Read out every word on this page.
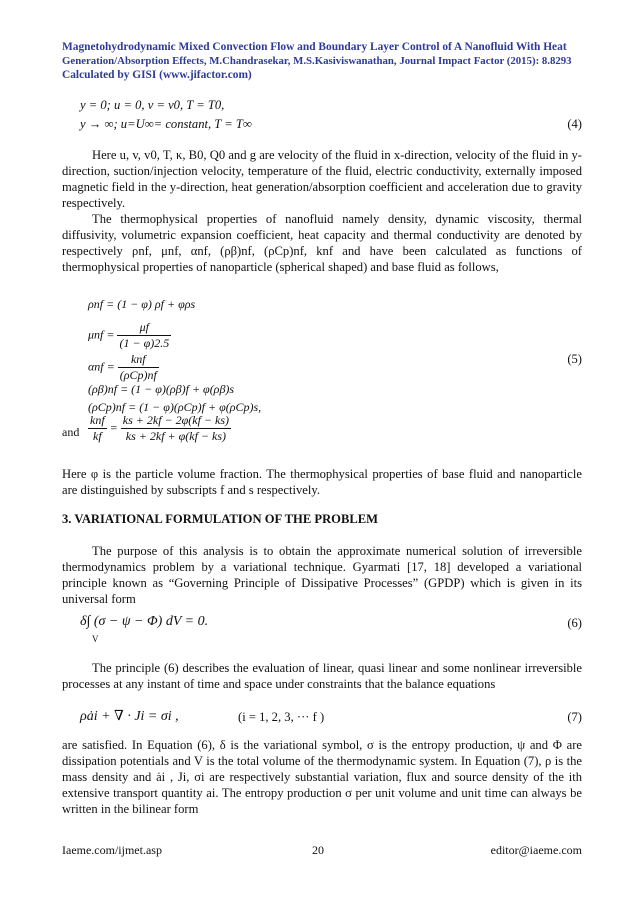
Magnetohydrodynamic Mixed Convection Flow and Boundary Layer Control of A Nanofluid With Heat
Generation/Absorption Effects, M.Chandrasekar, M.S.Kasiviswanathan, Journal Impact Factor (2015): 8.8293
Calculated by GISI (www.jifactor.com)
y = 0; u = 0, v = v0, T = T0,
y → ∞; u=U∞= constant, T = T∞	(4)
Here u, v, v0, T, κ, B0, Q0 and g are velocity of the fluid in x-direction, velocity of the fluid in y-direction, suction/injection velocity, temperature of the fluid, electric conductivity, externally imposed magnetic field in the y-direction, heat generation/absorption coefficient and acceleration due to gravity respectively.
The thermophysical properties of nanofluid namely density, dynamic viscosity, thermal diffusivity, volumetric expansion coefficient, heat capacity and thermal conductivity are denoted by respectively ρnf, μnf, αnf, (ρβ)nf, (ρCp)nf, knf and have been calculated as functions of thermophysical properties of nanoparticle (spherical shaped) and base fluid as follows,
ρnf = (1 − φ) ρf + φρs
$\mu nf = \frac{\mu f}{(1 - \varphi)2.5}$
$\alpha nf = \frac{\text{knf}}{\text{(ρCp)nf}}$	(5)
(ρβ)nf = (1 − φ)(ρβ)f + φ(ρβ)s
(ρCp)nf = (1 − φ)(ρCp)f + φ(ρCp)s,
and $\frac{\text{knf}}{kf} = \frac{ks + 2kf - 2\varphi(kf - ks)}{ks + 2kf + \varphi(kf - ks)}$
Here φ is the particle volume fraction. The thermophysical properties of base fluid and nanoparticle are distinguished by subscripts f and s respectively.
3. VARIATIONAL FORMULATION OF THE PROBLEM
The purpose of this analysis is to obtain the approximate numerical solution of irreversible thermodynamics problem by a variational technique. Gyarmati [17, 18] developed a variational principle known as “Governing Principle of Dissipative Processes” (GPDP) which is given in its universal form
δ∫ (σ − ψ − Φ) dV = 0.
V
(6)
The principle (6) describes the evaluation of linear, quasi linear and some nonlinear irreversible processes at any instant of time and space under constraints that the balance equations
ρȧi + ∇ · Ji = σi ,	(i = 1, 2, 3, ··· f )	(7)
are satisfied. In Equation (6), δ is the variational symbol, σ is the entropy production, ψ and Φ are dissipation potentials and V is the total volume of the thermodynamic system. In Equation (7), ρ is the mass density and ȧi , Ji, σi are respectively substantial variation, flux and source density of the ith extensive transport quantity ai. The entropy production σ per unit volume and unit time can always be written in the bilinear form
Iaeme.com/ijmet.asp	20	editor@iaeme.com
